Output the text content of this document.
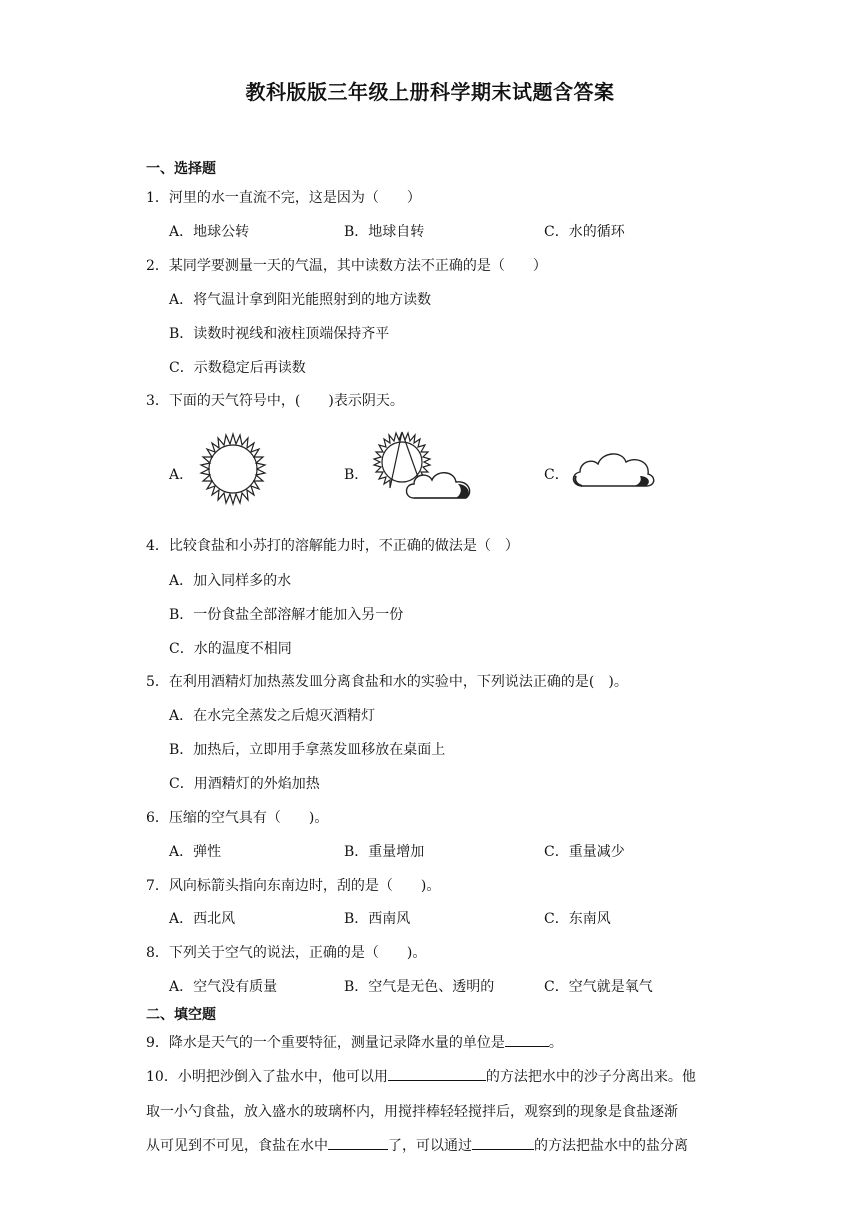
教科版版三年级上册科学期末试题含答案
一、选择题
1．河里的水一直流不完，这是因为（　　）
A．地球公转	B．地球自转	C．水的循环
2．某同学要测量一天的气温，其中读数方法不正确的是（　　）
A．将气温计拿到阳光能照射到的地方读数
B．读数时视线和液柱顶端保持齐平
C．示数稳定后再读数
3．下面的天气符号中，(　　)表示阴天。
A．	B．	C．
4．比较食盐和小苏打的溶解能力时，不正确的做法是（　）
A．加入同样多的水
B．一份食盐全部溶解才能加入另一份
C．水的温度不相同
5．在利用酒精灯加热蒸发皿分离食盐和水的实验中，下列说法正确的是(　)。
A．在水完全蒸发之后熄灭酒精灯
B．加热后，立即用手拿蒸发皿移放在桌面上
C．用酒精灯的外焰加热
6．压缩的空气具有（　　)。
A．弹性	B．重量增加	C．重量减少
7．风向标箭头指向东南边时，刮的是（　　)。
A．西北风	B．西南风	C．东南风
8．下列关于空气的说法，正确的是（　　)。
A．空气没有质量	B．空气是无色、透明的	C．空气就是氧气
二、填空题
9．降水是天气的一个重要特征，测量记录降水量的单位是	。
10．小明把沙倒入了盐水中，他可以用	的方法把水中的沙子分离出来。他
取一小勺食盐，放入盛水的玻璃杯内，用搅拌棒轻轻搅拌后，观察到的现象是食盐逐渐
从可见到不可见，食盐在水中	了，可以通过	的方法把盐水中的盐分离
